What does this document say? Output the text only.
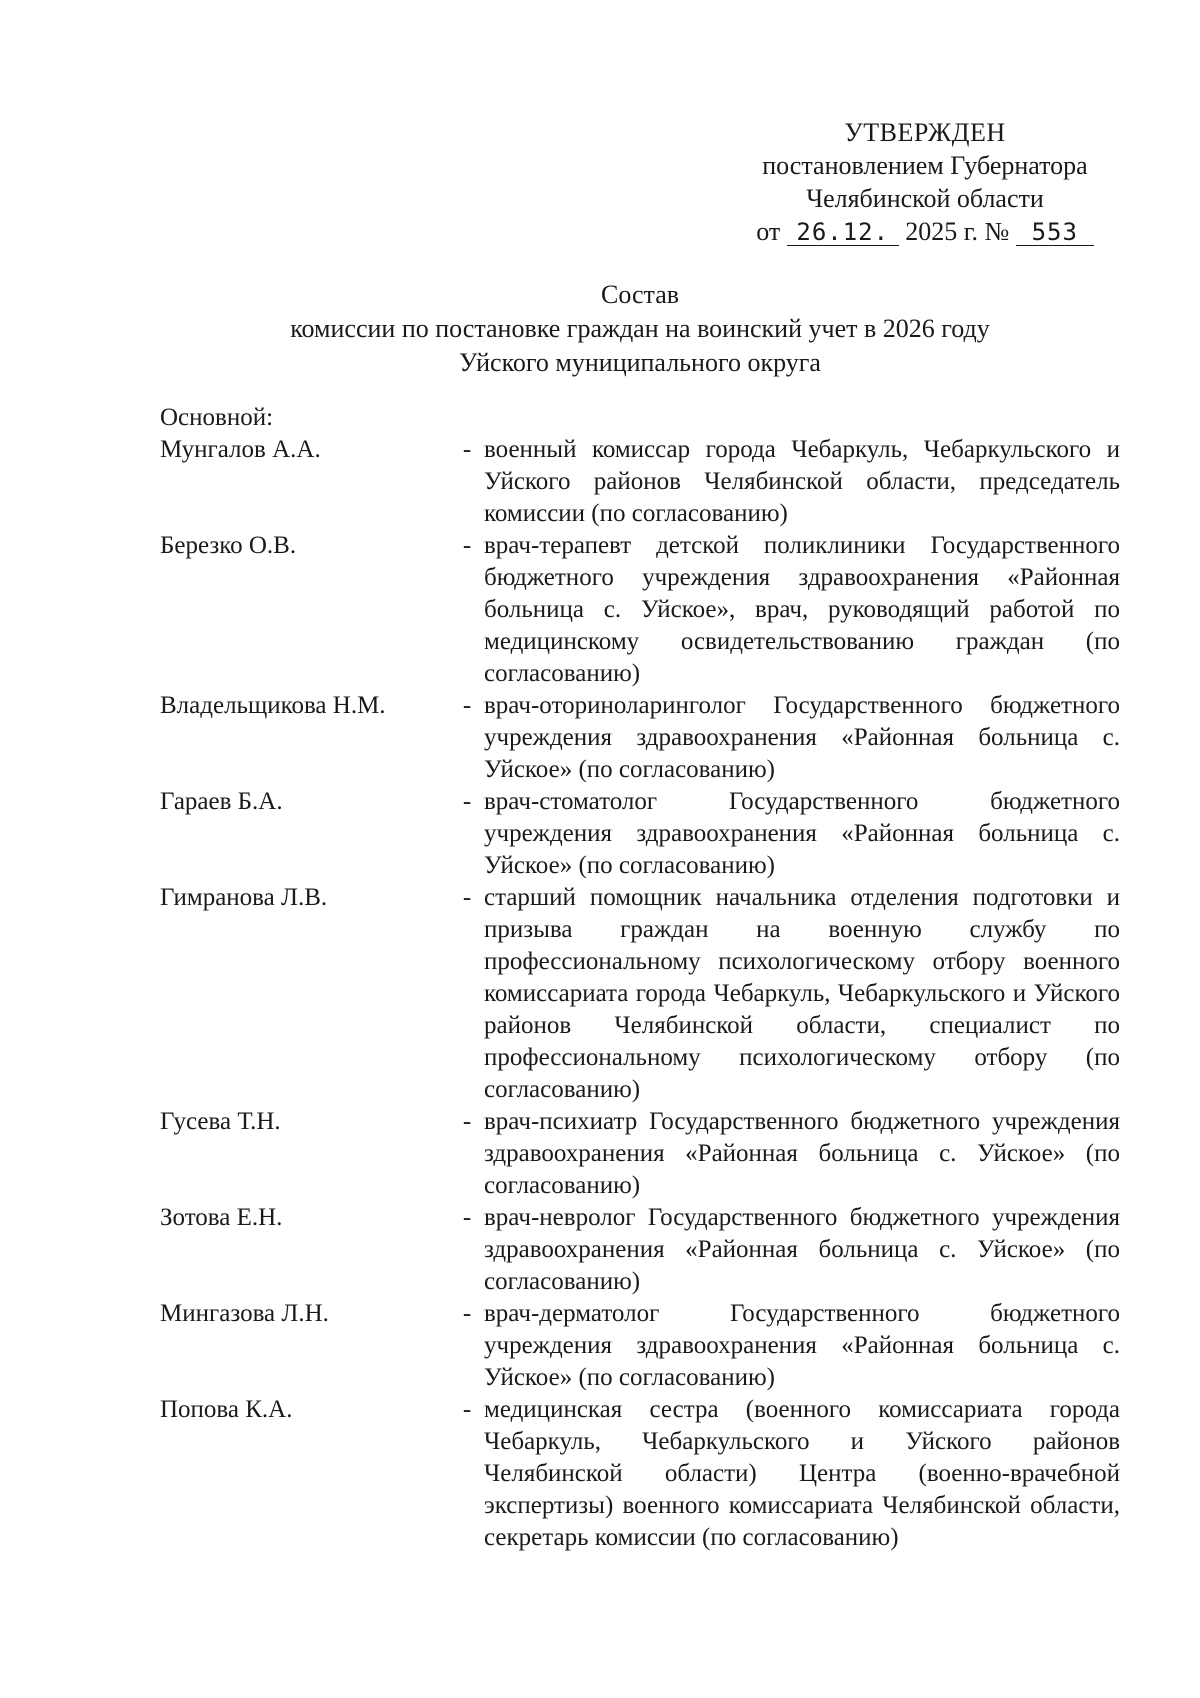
УТВЕРЖДЕН
постановлением Губернатора
Челябинской области
от 26.12. 2025 г. № 553
Состав
комиссии по постановке граждан на воинский учет в 2026 году
Уйского муниципального округа
Основной:
Мунгалов А.А.	- военный комиссар города Чебаркуль, Чебаркульского и Уйского районов Челябинской области, председатель комиссии (по согласованию)
Березко О.В.	- врач-терапевт детской поликлиники Государственного бюджетного учреждения здравоохранения «Районная больница с. Уйское», врач, руководящий работой по медицинскому освидетельствованию граждан (по согласованию)
Владельщикова Н.М.	- врач-оториноларинголог Государственного бюджетного учреждения здравоохранения «Районная больница с. Уйское» (по согласованию)
Гараев Б.А.	- врач-стоматолог Государственного бюджетного учреждения здравоохранения «Районная больница с. Уйское» (по согласованию)
Гимранова Л.В.	- старший помощник начальника отделения подготовки и призыва граждан на военную службу по профессиональному психологическому отбору военного комиссариата города Чебаркуль, Чебаркульского и Уйского районов Челябинской области, специалист по профессиональному психологическому отбору (по согласованию)
Гусева Т.Н.	- врач-психиатр Государственного бюджетного учреждения здравоохранения «Районная больница с. Уйское» (по согласованию)
Зотова Е.Н.	- врач-невролог Государственного бюджетного учреждения здравоохранения «Районная больница с. Уйское» (по согласованию)
Мингазова Л.Н.	- врач-дерматолог Государственного бюджетного учреждения здравоохранения «Районная больница с. Уйское» (по согласованию)
Попова К.А.	- медицинская сестра (военного комиссариата города Чебаркуль, Чебаркульского и Уйского районов Челябинской области) Центра (военно-врачебной экспертизы) военного комиссариата Челябинской области, секретарь комиссии (по согласованию)
